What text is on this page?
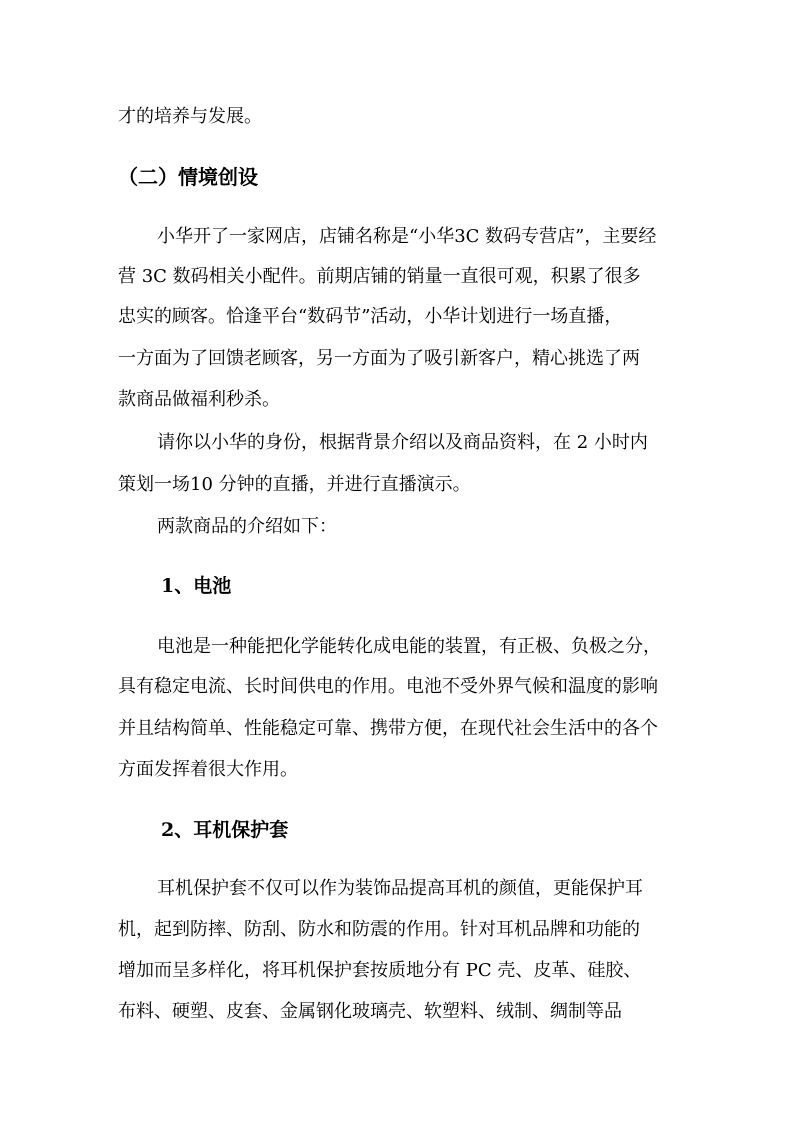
才的培养与发展。
（二）情境创设
小华开了一家网店，店铺名称是“小华3C 数码专营店”，主要经
营 3C 数码相关小配件。前期店铺的销量一直很可观，积累了很多
忠实的顾客。恰逢平台“数码节”活动，小华计划进行一场直播，
一方面为了回馈老顾客，另一方面为了吸引新客户，精心挑选了两
款商品做福利秒杀。
请你以小华的身份，根据背景介绍以及商品资料，在 2 小时内
策划一场10 分钟的直播，并进行直播演示。
两款商品的介绍如下：
1、电池
电池是一种能把化学能转化成电能的装置，有正极、负极之分，
具有稳定电流、长时间供电的作用。电池不受外界气候和温度的影响
并且结构简单、性能稳定可靠、携带方便，在现代社会生活中的各个
方面发挥着很大作用。
2、耳机保护套
耳机保护套不仅可以作为装饰品提高耳机的颜值，更能保护耳
机，起到防摔、防刮、防水和防震的作用。针对耳机品牌和功能的
增加而呈多样化，将耳机保护套按质地分有 PC 壳、皮革、硅胶、
布料、硬塑、皮套、金属钢化玻璃壳、软塑料、绒制、绸制等品
